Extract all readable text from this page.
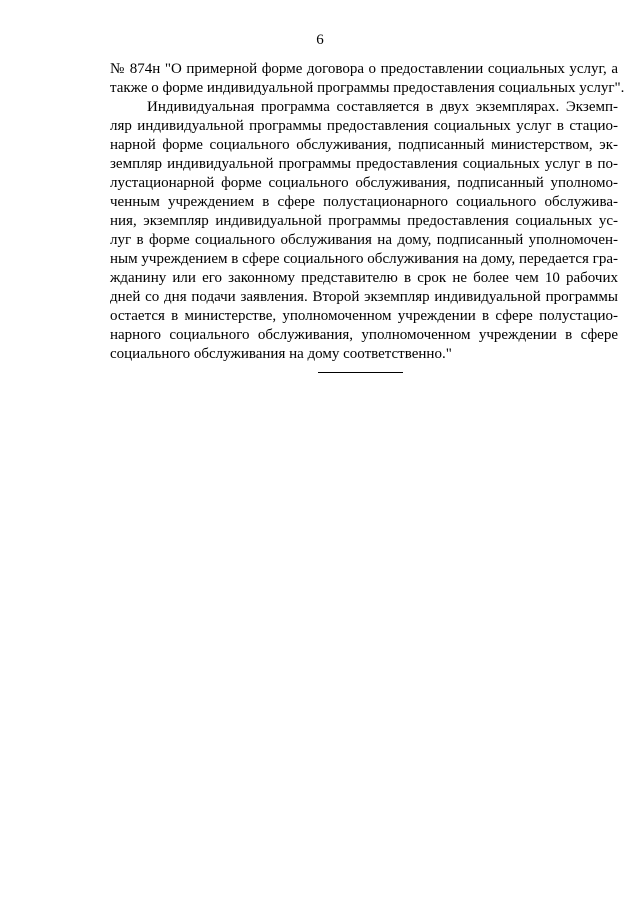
6
№ 874н "О примерной форме договора о предоставлении социальных услуг, а
также о форме индивидуальной программы предоставления социальных услуг".
Индивидуальная программа составляется в двух экземплярах. Экземп-
ляр индивидуальной программы предоставления социальных услуг в стацио-
нарной форме социального обслуживания, подписанный министерством, эк-
земпляр индивидуальной программы предоставления социальных услуг в по-
лустационарной форме социального обслуживания, подписанный уполномо-
ченным учреждением в сфере полустационарного социального обслужива-
ния, экземпляр индивидуальной программы предоставления социальных ус-
луг в форме социального обслуживания на дому, подписанный уполномочен-
ным учреждением в сфере социального обслуживания на дому, передается гра-
жданину или его законному представителю в срок не более чем 10 рабочих
дней со дня подачи заявления. Второй экземпляр индивидуальной программы
остается в министерстве, уполномоченном учреждении в сфере полустацио-
нарного социального обслуживания, уполномоченном учреждении в сфере
социального обслуживания на дому соответственно."
